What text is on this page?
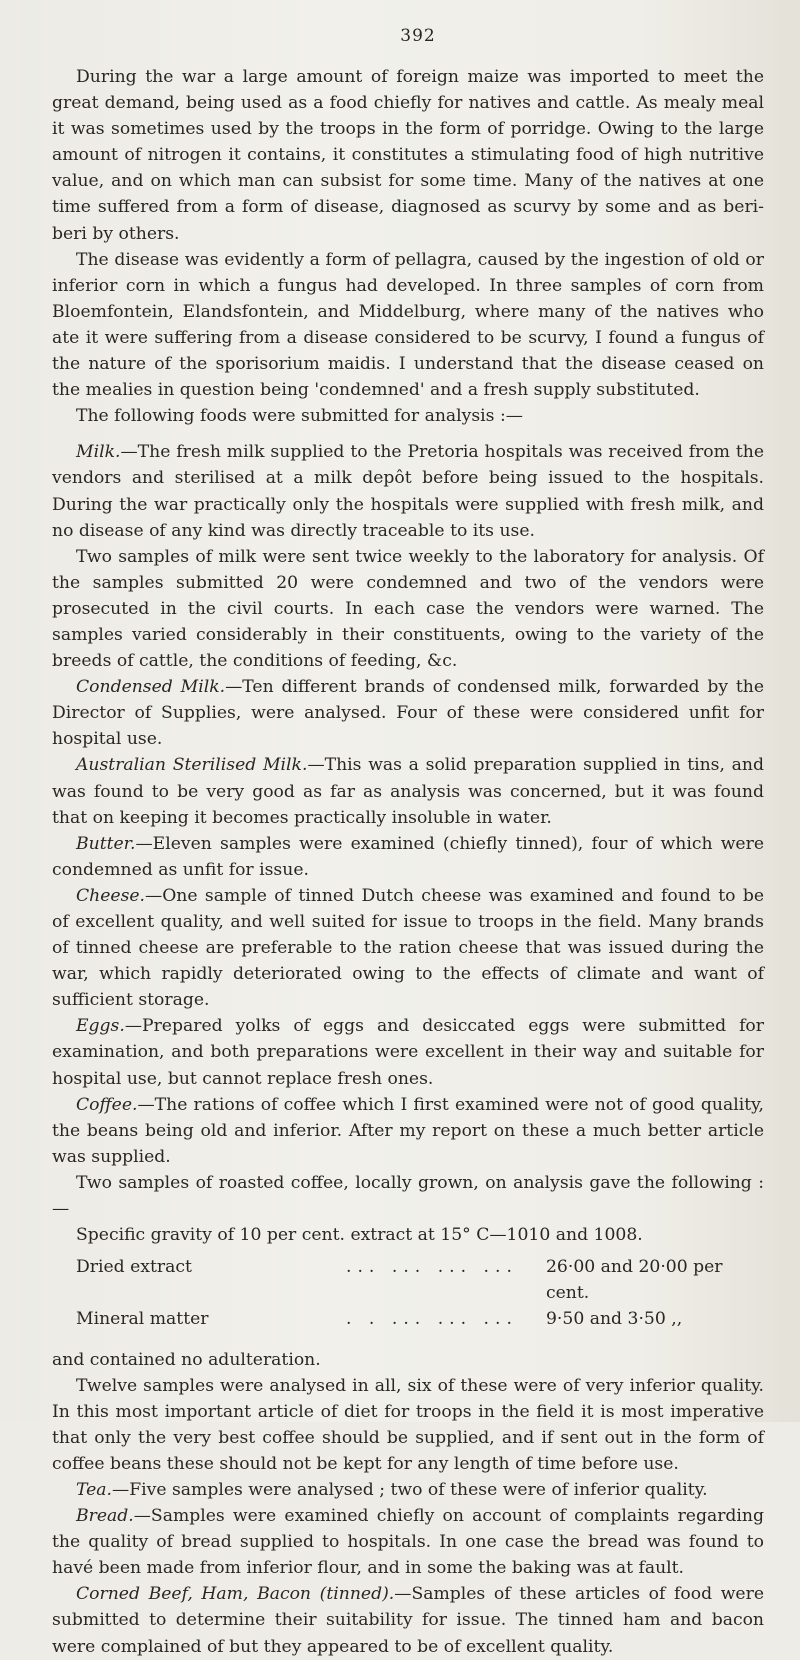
392

During the war a large amount of foreign maize was imported to meet the great demand, being used as a food chiefly for natives and cattle. As mealy meal it was sometimes used by the troops in the form of porridge. Owing to the large amount of nitrogen it contains, it constitutes a stimulating food of high nutritive value, and on which man can subsist for some time. Many of the natives at one time suffered from a form of disease, diagnosed as scurvy by some and as beri-beri by others.

The disease was evidently a form of pellagra, caused by the ingestion of old or inferior corn in which a fungus had developed. In three samples of corn from Bloemfontein, Elandsfontein, and Middelburg, where many of the natives who ate it were suffering from a disease considered to be scurvy, I found a fungus of the nature of the sporisorium maidis. I understand that the disease ceased on the mealies in question being 'condemned' and a fresh supply substituted.

The following foods were submitted for analysis :—

Milk.—The fresh milk supplied to the Pretoria hospitals was received from the vendors and sterilised at a milk depôt before being issued to the hospitals. During the war practically only the hospitals were supplied with fresh milk, and no disease of any kind was directly traceable to its use.

Two samples of milk were sent twice weekly to the laboratory for analysis. Of the samples submitted 20 were condemned and two of the vendors were prosecuted in the civil courts. In each case the vendors were warned. The samples varied considerably in their constituents, owing to the variety of the breeds of cattle, the conditions of feeding, &c.

Condensed Milk.—Ten different brands of condensed milk, forwarded by the Director of Supplies, were analysed. Four of these were considered unfit for hospital use.

Australian Sterilised Milk.—This was a solid preparation supplied in tins, and was found to be very good as far as analysis was concerned, but it was found that on keeping it becomes practically insoluble in water.

Butter.—Eleven samples were examined (chiefly tinned), four of which were condemned as unfit for issue.

Cheese.—One sample of tinned Dutch cheese was examined and found to be of excellent quality, and well suited for issue to troops in the field. Many brands of tinned cheese are preferable to the ration cheese that was issued during the war, which rapidly deteriorated owing to the effects of climate and want of sufficient storage.

Eggs.—Prepared yolks of eggs and desiccated eggs were submitted for examination, and both preparations were excellent in their way and suitable for hospital use, but cannot replace fresh ones.

Coffee.—The rations of coffee which I first examined were not of good quality, the beans being old and inferior. After my report on these a much better article was supplied.

Two samples of roasted coffee, locally grown, on analysis gave the following :—

Specific gravity of 10 per cent. extract at 15° C—1010 and 1008.

Dried extract	... ... ... ...	26·00 and 20·00 per cent.
Mineral matter	. . ... ... ...	9·50 and 3·50 ,,

and contained no adulteration.

Twelve samples were analysed in all, six of these were of very inferior quality. In this most important article of diet for troops in the field it is most imperative that only the very best coffee should be supplied, and if sent out in the form of coffee beans these should not be kept for any length of time before use.

Tea.—Five samples were analysed ; two of these were of inferior quality.

Bread.—Samples were examined chiefly on account of complaints regarding the quality of bread supplied to hospitals. In one case the bread was found to havé been made from inferior flour, and in some the baking was at fault.

Corned Beef, Ham, Bacon (tinned).—Samples of these articles of food were submitted to determine their suitability for issue. The tinned ham and bacon were complained of but they appeared to be of excellent quality.
